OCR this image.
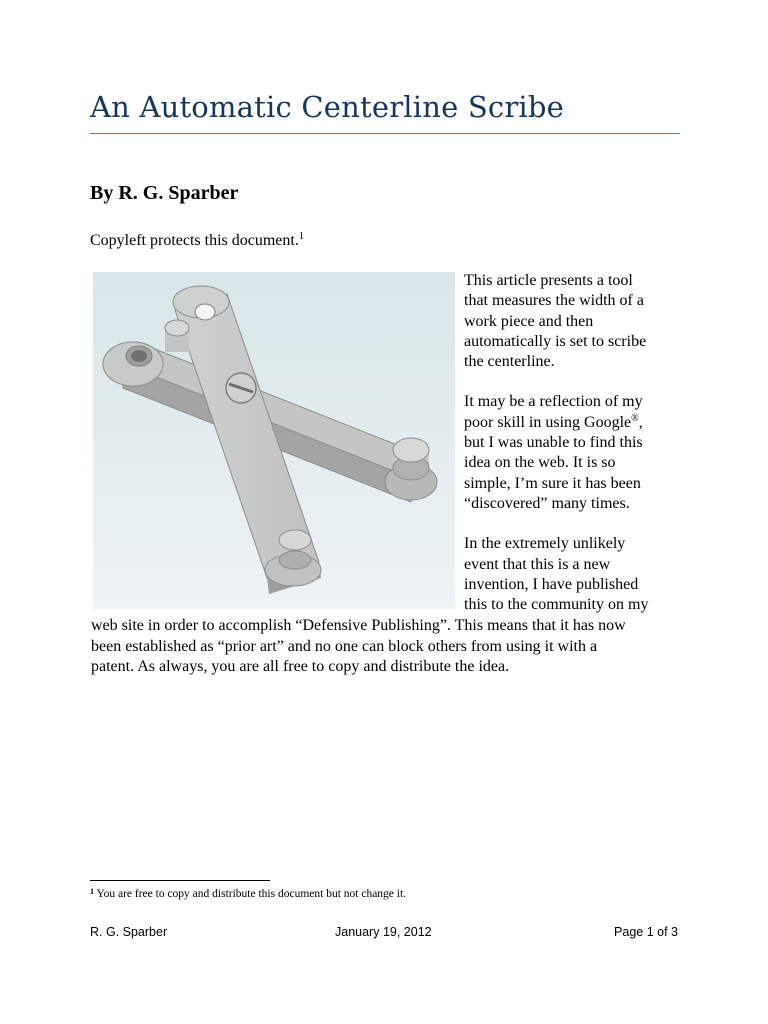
An Automatic Centerline Scribe
By R. G. Sparber
Copyleft protects this document.$^1$

This article presents a tool
that measures the width of a
work piece and then
automatically is set to scribe
the centerline.

It may be a reflection of my
poor skill in using Google®,
but I was unable to find this
idea on the web. It is so
simple, I’m sure it has been
“discovered” many times.

In the extremely unlikely
event that this is a new
invention, I have published
this to the community on my

web site in order to accomplish “Defensive Publishing”. This means that it has now
been established as “prior art” and no one can block others from using it with a
patent. As always, you are all free to copy and distribute the idea.
$^1$ You are free to copy and distribute this document but not change it.
R. G. Sparber	January 19, 2012	Page 1 of 3
